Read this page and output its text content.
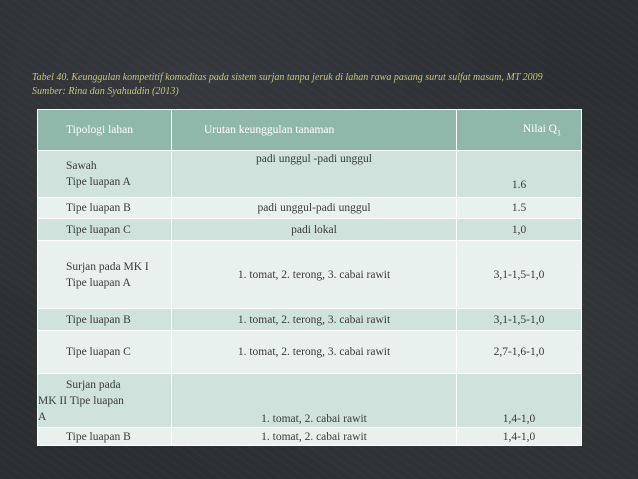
Tabel 40. Keunggulan kompetitif komoditas pada sistem surjan tanpa jeruk di lahan rawa pasang surut sulfat masam, MT 2009
Sumber: Rina dan Syahuddin (2013)
Tipologi lahan	Urutan keunggulan tanaman	Nilai $Q_1$

Sawah
Tipe luapan A	padi unggul -padi unggul	1.6
Tipe luapan B	padi unggul-padi unggul	1.5
Tipe luapan C	padi lokal	1,0

Surjan pada MK I
Tipe luapan A	1. tomat, 2. terong, 3. cabai rawit	3,1-1,5-1,0
Tipe luapan B	1. tomat, 2. terong, 3. cabai rawit	3,1-1,5-1,0
Tipe luapan C	1. tomat, 2. terong, 3. cabai rawit	2,7-1,6-1,0

Surjan pada
MK II Tipe luapan
A	1. tomat, 2. cabai rawit	1,4-1,0
Tipe luapan B	1. tomat, 2. cabai rawit	1,4-1,0
